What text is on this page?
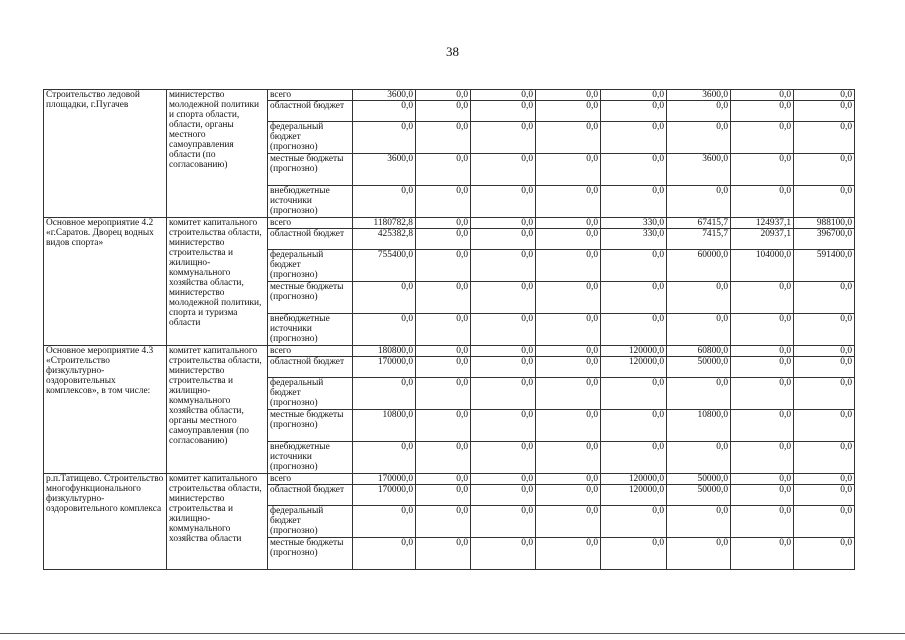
38
Строительство ледовой площадки, г.Пугачев	министерство молодежной политики и спорта области, области, органы местного самоуправления области (по согласованию)	всего	3600,0	0,0	0,0	0,0	0,0	3600,0	0,0	0,0
		областной бюджет	0,0	0,0	0,0	0,0	0,0	0,0	0,0	0,0
		федеральный бюджет (прогнозно)	0,0	0,0	0,0	0,0	0,0	0,0	0,0	0,0
		местные бюджеты (прогнозно)	3600,0	0,0	0,0	0,0	0,0	3600,0	0,0	0,0
		внебюджетные источники (прогнозно)	0,0	0,0	0,0	0,0	0,0	0,0	0,0	0,0
Основное мероприятие 4.2 «г.Саратов. Дворец водных видов спорта»	комитет капитального строительства области, министерство строительства и жилищно-коммунального хозяйства области, министерство молодежной политики, спорта и туризма области	всего	1180782,8	0,0	0,0	0,0	330,0	67415,7	124937,1	988100,0
		областной бюджет	425382,8	0,0	0,0	0,0	330,0	7415,7	20937,1	396700,0
		федеральный бюджет (прогнозно)	755400,0	0,0	0,0	0,0	0,0	60000,0	104000,0	591400,0
		местные бюджеты (прогнозно)	0,0	0,0	0,0	0,0	0,0	0,0	0,0	0,0
		внебюджетные источники (прогнозно)	0,0	0,0	0,0	0,0	0,0	0,0	0,0	0,0
Основное мероприятие 4.3 «Строительство физкультурно-оздоровительных комплексов», в том числе:	комитет капитального строительства области, министерство строительства и жилищно-коммунального хозяйства области, органы местного самоуправления (по согласованию)	всего	180800,0	0,0	0,0	0,0	120000,0	60800,0	0,0	0,0
		областной бюджет	170000,0	0,0	0,0	0,0	120000,0	50000,0	0,0	0,0
		федеральный бюджет (прогнозно)	0,0	0,0	0,0	0,0	0,0	0,0	0,0	0,0
		местные бюджеты (прогнозно)	10800,0	0,0	0,0	0,0	0,0	10800,0	0,0	0,0
		внебюджетные источники (прогнозно)	0,0	0,0	0,0	0,0	0,0	0,0	0,0	0,0
р.п.Татищево. Строительство многофункционального физкультурно-оздоровительного комплекса	комитет капитального строительства области, министерство строительства и жилищно-коммунального хозяйства области	всего	170000,0	0,0	0,0	0,0	120000,0	50000,0	0,0	0,0
		областной бюджет	170000,0	0,0	0,0	0,0	120000,0	50000,0	0,0	0,0
		федеральный бюджет (прогнозно)	0,0	0,0	0,0	0,0	0,0	0,0	0,0	0,0
		местные бюджеты (прогнозно)	0,0	0,0	0,0	0,0	0,0	0,0	0,0	0,0
